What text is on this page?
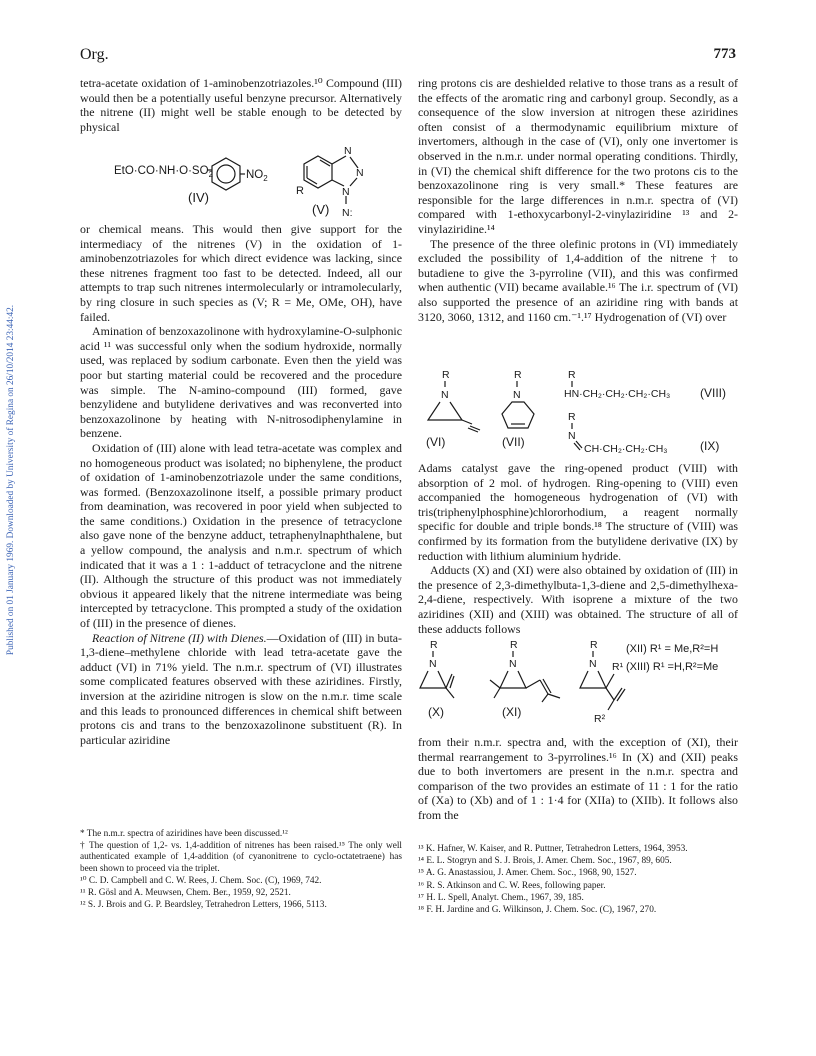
Published on 01 January 1969. Downloaded by University of Regina on 26/10/2014 23:44:42.
Org.	773

tetra-acetate oxidation of 1-aminobenzotriazoles.¹⁰ Compound (III) would then be a potentially useful benzyne precursor. Alternatively the nitrene (II) might well be stable enough to be detected by physical

$EtO\cdot CO\cdot NH\cdot O\cdot SO_2$	$NO_2$
(IV)
N
N
N
R
N:
(V)

or chemical means. This would then give support for the intermediacy of the nitrenes (V) in the oxidation of 1-aminobenzotriazoles for which direct evidence was lacking, since these nitrenes fragment too fast to be detected. Indeed, all our attempts to trap such nitrenes intermolecularly or intramolecularly, by ring closure in such species as (V; R = Me, OMe, OH), have failed.

Amination of benzoxazolinone with hydroxylamine-O-sulphonic acid ¹¹ was successful only when the sodium hydroxide, normally used, was replaced by sodium carbonate. Even then the yield was poor but starting material could be recovered and the procedure was simple. The N-amino-compound (III) formed, gave benzylidene and butylidene derivatives and was reconverted into benzoxazolinone by heating with N-nitrosodiphenylamine in benzene.

Oxidation of (III) alone with lead tetra-acetate was complex and no homogeneous product was isolated; no biphenylene, the product of oxidation of 1-aminobenzotriazole under the same conditions, was formed. (Benzoxazolinone itself, a possible primary product from deamination, was recovered in poor yield when subjected to the same conditions.) Oxidation in the presence of tetracyclone also gave none of the benzyne adduct, tetraphenylnaphthalene, but a yellow compound, the analysis and n.m.r. spectrum of which indicated that it was a 1 : 1-adduct of tetracyclone and the nitrene (II). Although the structure of this product was not immediately obvious it appeared likely that the nitrene intermediate was being intercepted by tetracyclone. This prompted a study of the oxidation of (III) in the presence of dienes.

Reaction of Nitrene (II) with Dienes.—Oxidation of (III) in buta-1,3-diene–methylene chloride with lead tetra-acetate gave the adduct (VI) in 71% yield. The n.m.r. spectrum of (VI) illustrates some complicated features observed with these aziridines. Firstly, inversion at the aziridine nitrogen is slow on the n.m.r. time scale and this leads to pronounced differences in chemical shift between protons cis and trans to the benzoxazolinone substituent (R). In particular aziridine

* The n.m.r. spectra of aziridines have been discussed.¹²

† The question of 1,2- vs. 1,4-addition of nitrenes has been raised.¹⁵ The only well authenticated example of 1,4-addition (of cyanonitrene to cyclo-octatetraene) has been shown to proceed via the triplet.

¹⁰ C. D. Campbell and C. W. Rees, J. Chem. Soc. (C), 1969, 742.

¹¹ R. Gösl and A. Meuwsen, Chem. Ber., 1959, 92, 2521.

¹² S. J. Brois and G. P. Beardsley, Tetrahedron Letters, 1966, 5113.

ring protons cis are deshielded relative to those trans as a result of the effects of the aromatic ring and carbonyl group. Secondly, as a consequence of the slow inversion at nitrogen these aziridines often consist of a thermodynamic equilibrium mixture of invertomers, although in the case of (VI), only one invertomer is observed in the n.m.r. under normal operating conditions. Thirdly, in (VI) the chemical shift difference for the two protons cis to the benzoxazolinone ring is very small.* These features are responsible for the large differences in n.m.r. spectra of (VI) compared with 1-ethoxycarbonyl-2-vinylaziridine ¹³ and 2-vinylaziridine.¹⁴

The presence of the three olefinic protons in (VI) immediately excluded the possibility of 1,4-addition of the nitrene † to butadiene to give the 3-pyrroline (VII), and this was confirmed when authentic (VII) became available.¹⁶ The i.r. spectrum of (VI) also supported the presence of an aziridine ring with bands at 3120, 3060, 1312, and 1160 cm.⁻¹.¹⁷ Hydrogenation of (VI) over

R
N
(VI)
R
N
(VII)
R
HN·CH₂·CH₂·CH₂·CH₃ (VIII)
R
N
CH·CH₂·CH₂·CH₃	(IX)

Adams catalyst gave the ring-opened product (VIII) with absorption of 2 mol. of hydrogen. Ring-opening to (VIII) even accompanied the homogeneous hydrogenation of (VI) with tris(triphenylphosphine)chlororhodium, a reagent normally specific for double and triple bonds.¹⁸ The structure of (VIII) was confirmed by its formation from the butylidene derivative (IX) by reduction with lithium aluminium hydride.

Adducts (X) and (XI) were also obtained by oxidation of (III) in the presence of 2,3-dimethylbuta-1,3-diene and 2,5-dimethylhexa-2,4-diene, respectively. With isoprene a mixture of the two aziridines (XII) and (XIII) was obtained. The structure of all of these adducts follows

R
N
(X)
R
N
(XI)
R
N R¹
R²
(XII) R¹ = Me,R²=H
(XIII) R¹ =H,R²=Me

from their n.m.r. spectra and, with the exception of (XI), their thermal rearrangement to 3-pyrrolines.¹⁶ In (X) and (XII) peaks due to both invertomers are present in the n.m.r. spectra and comparison of the two provides an estimate of 11 : 1 for the ratio of (Xa) to (Xb) and of 1 : 1·4 for (XIIa) to (XIIb). It follows also from the

¹³ K. Hafner, W. Kaiser, and R. Puttner, Tetrahedron Letters, 1964, 3953.

¹⁴ E. L. Stogryn and S. J. Brois, J. Amer. Chem. Soc., 1967, 89, 605.

¹⁵ A. G. Anastassiou, J. Amer. Chem. Soc., 1968, 90, 1527.

¹⁶ R. S. Atkinson and C. W. Rees, following paper.

¹⁷ H. L. Spell, Analyt. Chem., 1967, 39, 185.

¹⁸ F. H. Jardine and G. Wilkinson, J. Chem. Soc. (C), 1967, 270.
